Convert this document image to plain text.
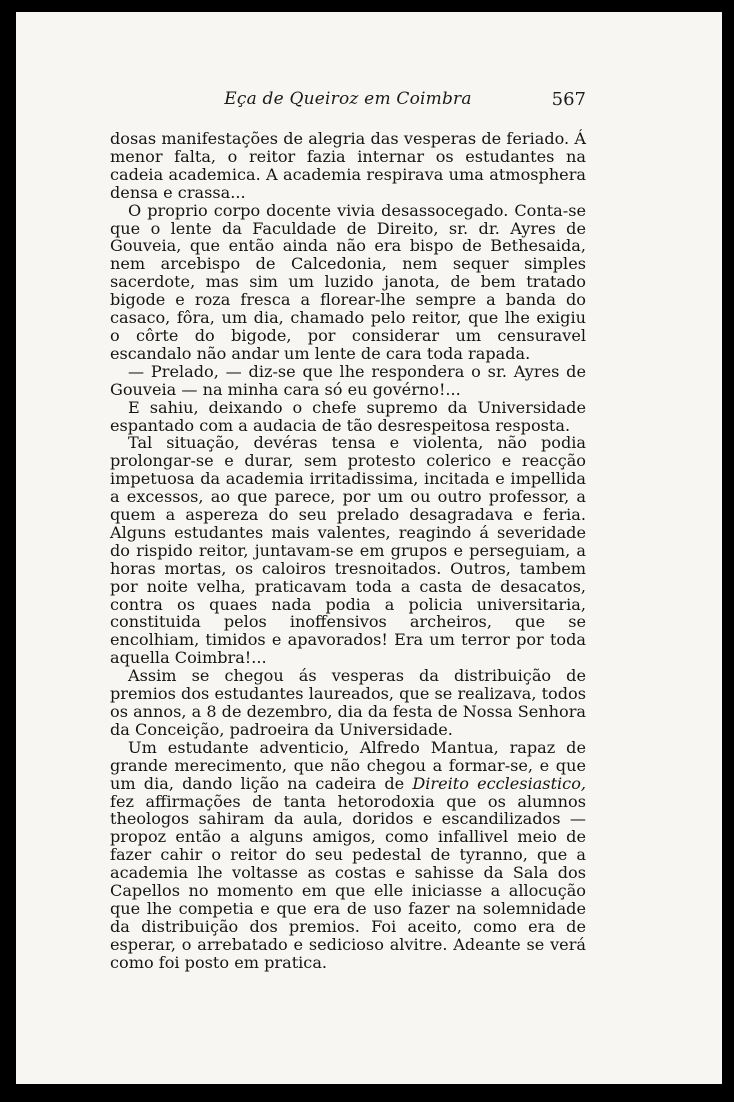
Eça de Queiroz em Coimbra	567

dosas manifestações de alegria das vesperas de feriado. Á menor falta, o reitor fazia internar os estudantes na cadeia academica. A academia respirava uma atmosphera densa e crassa...

O proprio corpo docente vivia desassocegado. Conta-se que o lente da Faculdade de Direito, sr. dr. Ayres de Gouveia, que então ainda não era bispo de Bethesaida, nem arcebispo de Calcedonia, nem sequer simples sacerdote, mas sim um luzido janota, de bem tratado bigode e roza fresca a florear-lhe sempre a banda do casaco, fôra, um dia, chamado pelo reitor, que lhe exigiu o côrte do bigode, por considerar um censuravel escandalo não andar um lente de cara toda rapada.

— Prelado, — diz-se que lhe respondera o sr. Ayres de Gouveia — na minha cara só eu govérno!...

E sahiu, deixando o chefe supremo da Universidade espantado com a audacia de tão desrespeitosa resposta.

Tal situação, devéras tensa e violenta, não podia prolongar-se e durar, sem protesto colerico e reacção impetuosa da academia irritadissima, incitada e impellida a excessos, ao que parece, por um ou outro professor, a quem a aspereza do seu prelado desagradava e feria. Alguns estudantes mais valentes, reagindo á severidade do rispido reitor, juntavam-se em grupos e perseguiam, a horas mortas, os caloiros tresnoitados. Outros, tambem por noite velha, praticavam toda a casta de desacatos, contra os quaes nada podia a policia universitaria, constituida pelos inoffensivos archeiros, que se encolhiam, timidos e apavorados! Era um terror por toda aquella Coimbra!...

Assim se chegou ás vesperas da distribuição de premios dos estudantes laureados, que se realizava, todos os annos, a 8 de dezembro, dia da festa de Nossa Senhora da Conceição, padroeira da Universidade.

Um estudante adventicio, Alfredo Mantua, rapaz de grande merecimento, que não chegou a formar-se, e que um dia, dando lição na cadeira de Direito ecclesiastico, fez affirmações de tanta hetorodoxia que os alumnos theologos sahiram da aula, doridos e escandilizados — propoz então a alguns amigos, como infallivel meio de fazer cahir o reitor do seu pedestal de tyranno, que a academia lhe voltasse as costas e sahisse da Sala dos Capellos no momento em que elle iniciasse a allocução que lhe competia e que era de uso fazer na solemnidade da distribuição dos premios. Foi aceito, como era de esperar, o arrebatado e sedicioso alvitre. Adeante se verá como foi posto em pratica.
